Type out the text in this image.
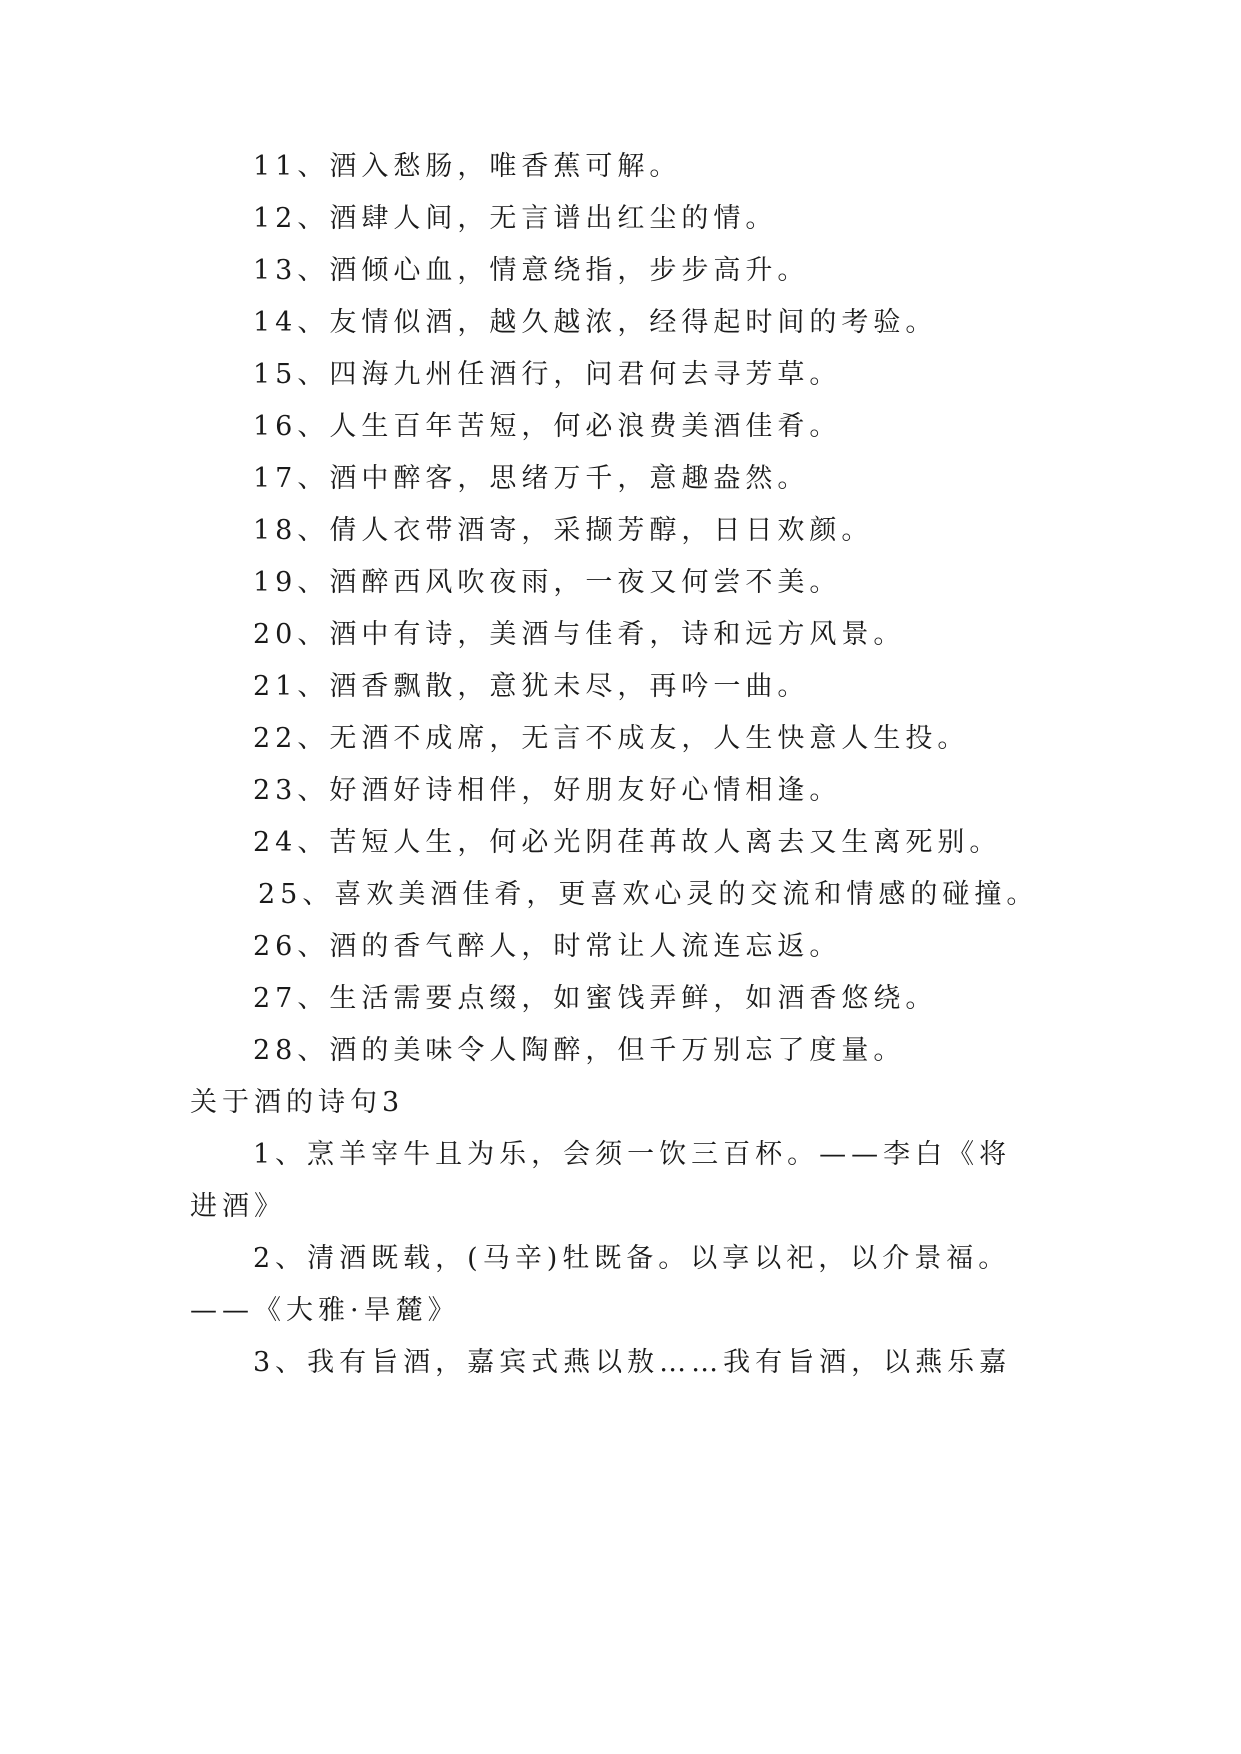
11、酒入愁肠，唯香蕉可解。
12、酒肆人间，无言谱出红尘的情。
13、酒倾心血，情意绕指，步步高升。
14、友情似酒，越久越浓，经得起时间的考验。
15、四海九州任酒行，问君何去寻芳草。
16、人生百年苦短，何必浪费美酒佳肴。
17、酒中醉客，思绪万千，意趣盎然。
18、倩人衣带酒寄，采撷芳醇，日日欢颜。
19、酒醉西风吹夜雨，一夜又何尝不美。
20、酒中有诗，美酒与佳肴，诗和远方风景。
21、酒香飘散，意犹未尽，再吟一曲。
22、无酒不成席，无言不成友，人生快意人生投。
23、好酒好诗相伴，好朋友好心情相逢。
24、苦短人生，何必光阴荏苒故人离去又生离死别。
25、喜欢美酒佳肴，更喜欢心灵的交流和情感的碰撞。
26、酒的香气醉人，时常让人流连忘返。
27、生活需要点缀，如蜜饯弄鲜，如酒香悠绕。
28、酒的美味令人陶醉，但千万别忘了度量。
关于酒的诗句3
1、烹羊宰牛且为乐，会须一饮三百杯。——李白《将
进酒》
2、清酒既载，(马辛)牡既备。以享以祀，以介景福。
——《大雅·旱麓》
3、我有旨酒，嘉宾式燕以敖……我有旨酒，以燕乐嘉
